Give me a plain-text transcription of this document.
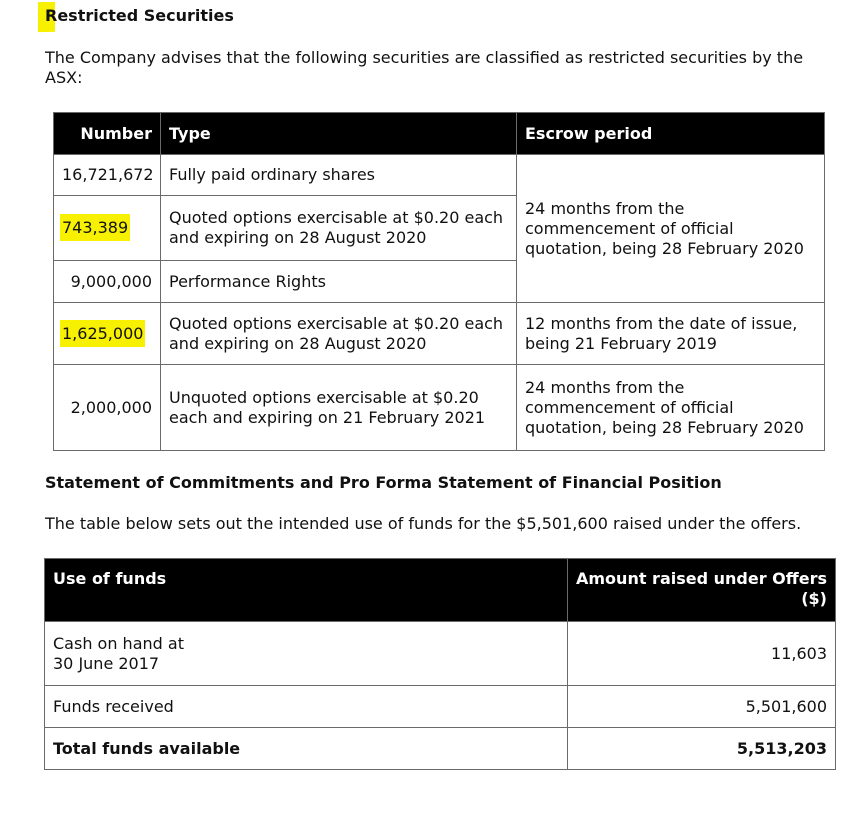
Restricted Securities
The Company advises that the following securities are classified as restricted securities by the ASX:
Number	Type	Escrow period
16,721,672	Fully paid ordinary shares	24 months from the commencement of official quotation, being 28 February 2020
743,389	Quoted options exercisable at $0.20 each and expiring on 28 August 2020	
9,000,000	Performance Rights	
1,625,000	Quoted options exercisable at $0.20 each and expiring on 28 August 2020	12 months from the date of issue, being 21 February 2019
2,000,000	Unquoted options exercisable at $0.20 each and expiring on 21 February 2021	24 months from the commencement of official quotation, being 28 February 2020
Statement of Commitments and Pro Forma Statement of Financial Position
The table below sets out the intended use of funds for the $5,501,600 raised under the offers.
Use of funds	Amount raised under Offers ($)

Cash on hand at 30 June 2017	11,603
Funds received	5,501,600
Total funds available	5,513,203
